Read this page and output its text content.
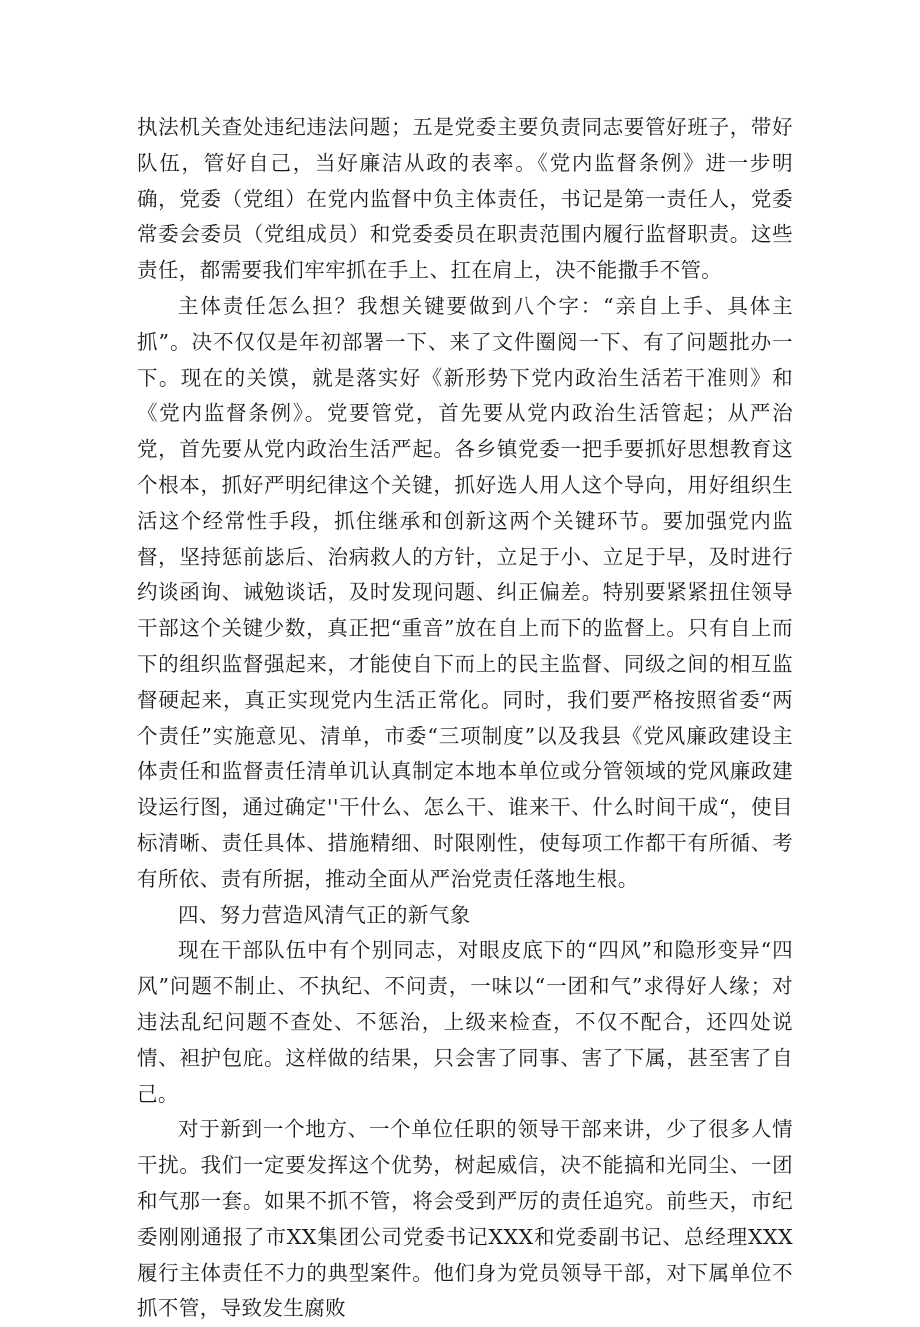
执法机关查处违纪违法问题；五是党委主要负责同志要管好班子，带好队伍，管好自己，当好廉洁从政的表率。《党内监督条例》进一步明确，党委（党组）在党内监督中负主体责任，书记是第一责任人，党委常委会委员（党组成员）和党委委员在职责范围内履行监督职责。这些责任，都需要我们牢牢抓在手上、扛在肩上，决不能撒手不管。

主体责任怎么担？我想关键要做到八个字：“亲自上手、具体主抓”。决不仅仅是年初部署一下、来了文件圈阅一下、有了问题批办一下。现在的关馍，就是落实好《新形势下党内政治生活若干准则》和《党内监督条例》。党要管党，首先要从党内政治生活管起；从严治党，首先要从党内政治生活严起。各乡镇党委一把手要抓好思想教育这个根本，抓好严明纪律这个关键，抓好选人用人这个导向，用好组织生活这个经常性手段，抓住继承和创新这两个关键环节。要加强党内监督，坚持惩前毖后、治病救人的方针，立足于小、立足于早，及时进行约谈函询、诫勉谈话，及时发现问题、纠正偏差。特别要紧紧扭住领导干部这个关键少数，真正把“重音”放在自上而下的监督上。只有自上而下的组织监督强起来，才能使自下而上的民主监督、同级之间的相互监督硬起来，真正实现党内生活正常化。同时，我们要严格按照省委“两个责任”实施意见、清单，市委“三项制度”以及我县《党风廉政建设主体责任和监督责任清单讥认真制定本地本单位或分管领域的党风廉政建设运行图，通过确定''干什么、怎么干、谁来干、什么时间干成“，使目标清晰、责任具体、措施精细、时限刚性，使每项工作都干有所循、考有所依、责有所据，推动全面从严治党责任落地生根。

四、努力营造风清气正的新气象

现在干部队伍中有个别同志，对眼皮底下的“四风”和隐形变异“四风”问题不制止、不执纪、不问责，一味以“一团和气”求得好人缘；对违法乱纪问题不查处、不惩治，上级来检查，不仅不配合，还四处说情、袒护包庇。这样做的结果，只会害了同事、害了下属，甚至害了自己。

对于新到一个地方、一个单位任职的领导干部来讲，少了很多人情干扰。我们一定要发挥这个优势，树起威信，决不能搞和光同尘、一团和气那一套。如果不抓不管，将会受到严厉的责任追究。前些天，市纪委刚刚通报了市XX集团公司党委书记XXX和党委副书记、总经理XXX履行主体责任不力的典型案件。他们身为党员领导干部，对下属单位不抓不管，导致发生腐败
